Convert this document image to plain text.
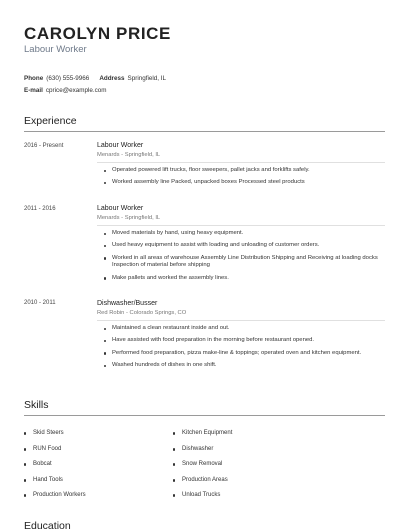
CAROLYN PRICE
Labour Worker
Phone (630) 555-9966 Address Springfield, IL
E-mail cprice@example.com
Experience
2016 - Present	Labour Worker
Menards - Springfield, IL
Operated powered lift trucks, floor sweepers, pallet jacks and forklifts safely.
Worked assembly line Packed, unpacked boxes Processed steel products
2011 - 2016	Labour Worker
Menards - Springfield, IL
Moved materials by hand, using heavy equipment.
Used heavy equipment to assist with loading and unloading of customer orders.
Worked in all areas of warehouse Assembly Line Distribution Shipping and Receiving at loading docks Inspection of material before shipping
Make pallets and worked the assembly lines.
2010 - 2011	Dishwasher/Busser
Red Robin - Colorado Springs, CO
Maintained a clean restaurant inside and out.
Have assisted with food preparation in the morning before restaurant opened.
Performed food preparation, pizza make-line & toppings; operated oven and kitchen equipment.
Washed hundreds of dishes in one shift.
Skills
Skid Steers
RUN Food
Bobcat
Hand Tools
Production Workers
Kitchen Equipment
Dishwasher
Snow Removal
Production Areas
Unload Trucks
Education
